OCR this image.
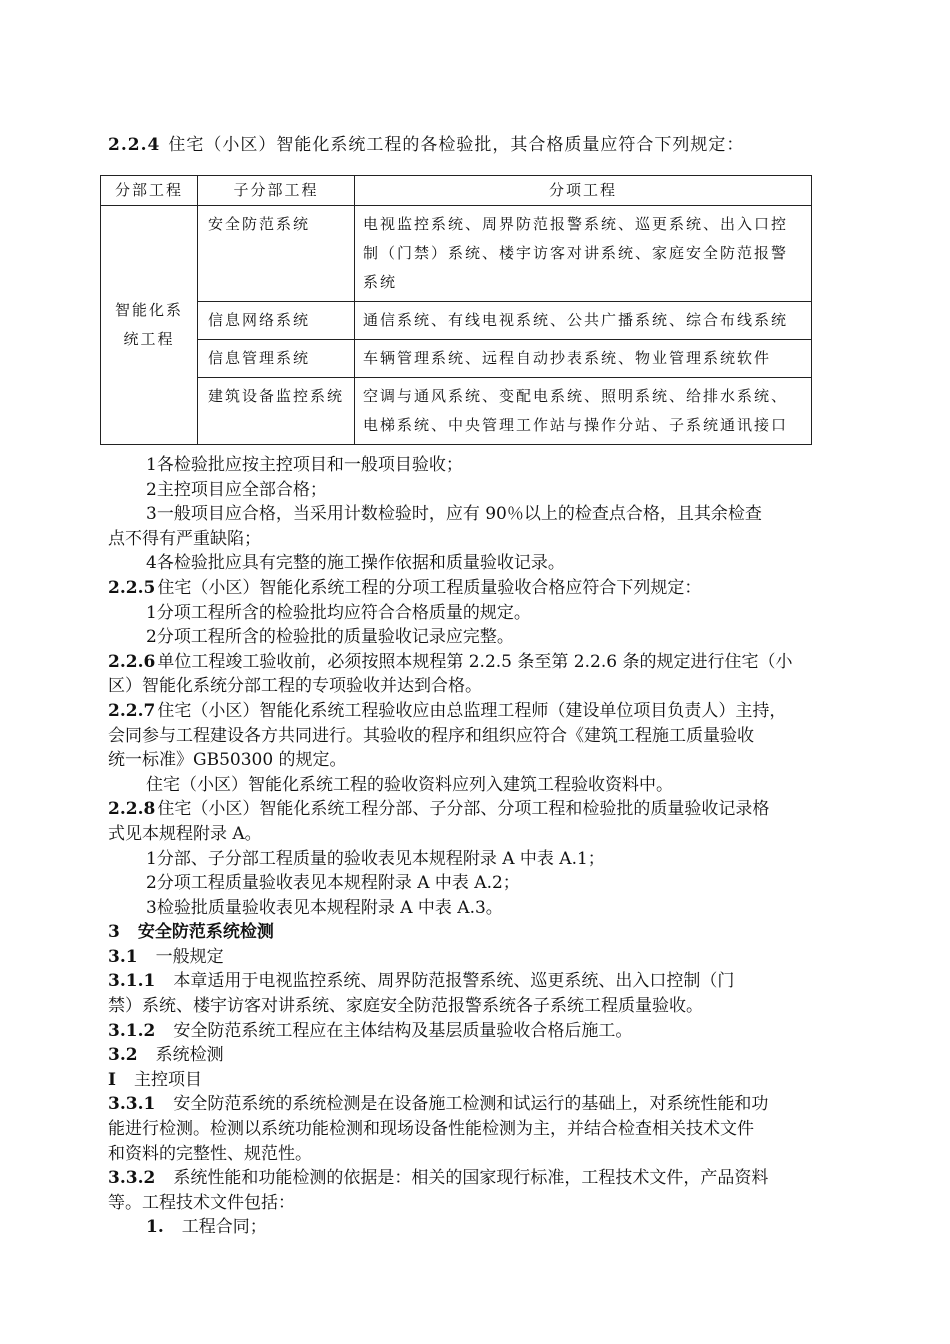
2.2.4 住宅（小区）智能化系统工程的各检验批，其合格质量应符合下列规定：
分部工程	子分部工程	分项工程
智能化系统工程	安全防范系统	电视监控系统、周界防范报警系统、巡更系统、出入口控制（门禁）系统、楼宇访客对讲系统、家庭安全防范报警系统
	信息网络系统	通信系统、有线电视系统、公共广播系统、综合布线系统
	信息管理系统	车辆管理系统、远程自动抄表系统、物业管理系统软件
	建筑设备监控系统	空调与通风系统、变配电系统、照明系统、给排水系统、电梯系统、中央管理工作站与操作分站、子系统通讯接口
1各检验批应按主控项目和一般项目验收；
2主控项目应全部合格；
3一般项目应合格，当采用计数检验时，应有 90％以上的检查点合格，且其余检查
点不得有严重缺陷；
4各检验批应具有完整的施工操作依据和质量验收记录。
2.2.5 住宅（小区）智能化系统工程的分项工程质量验收合格应符合下列规定：
1分项工程所含的检验批均应符合合格质量的规定。
2分项工程所含的检验批的质量验收记录应完整。
2.2.6 单位工程竣工验收前，必须按照本规程第 2.2.5 条至第 2.2.6 条的规定进行住宅（小
区）智能化系统分部工程的专项验收并达到合格。
2.2.7 住宅（小区）智能化系统工程验收应由总监理工程师（建设单位项目负责人）主持，
会同参与工程建设各方共同进行。其验收的程序和组织应符合《建筑工程施工质量验收
统一标准》GB50300 的规定。
住宅（小区）智能化系统工程的验收资料应列入建筑工程验收资料中。
2.2.8 住宅（小区）智能化系统工程分部、子分部、分项工程和检验批的质量验收记录格
式见本规程附录 A。
1分部、子分部工程质量的验收表见本规程附录 A 中表 A.1；
2分项工程质量验收表见本规程附录 A 中表 A.2；
3检验批质量验收表见本规程附录 A 中表 A.3。
3 安全防范系统检测
3.1 一般规定
3.1.1 本章适用于电视监控系统、周界防范报警系统、巡更系统、出入口控制（门
禁）系统、楼宇访客对讲系统、家庭安全防范报警系统各子系统工程质量验收。
3.1.2 安全防范系统工程应在主体结构及基层质量验收合格后施工。
3.2 系统检测
Ⅰ 主控项目
3.3.1 安全防范系统的系统检测是在设备施工检测和试运行的基础上，对系统性能和功
能进行检测。检测以系统功能检测和现场设备性能检测为主，并结合检查相关技术文件
和资料的完整性、规范性。
3.3.2 系统性能和功能检测的依据是：相关的国家现行标准，工程技术文件，产品资料
等。工程技术文件包括：
1. 工程合同；
